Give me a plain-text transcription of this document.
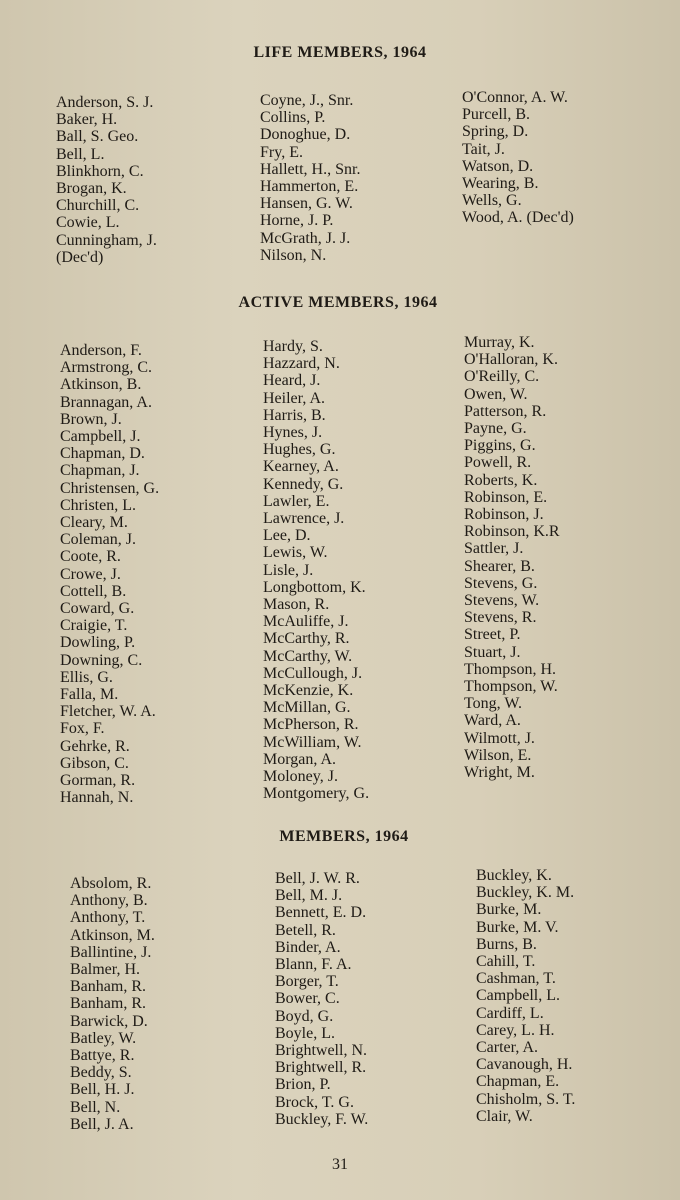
LIFE MEMBERS, 1964
Anderson, S. J.
Baker, H.
Ball, S. Geo.
Bell, L.
Blinkhorn, C.
Brogan, K.
Churchill, C.
Cowie, L.
Cunningham, J.
(Dec'd)
Coyne, J., Snr.
Collins, P.
Donoghue, D.
Fry, E.
Hallett, H., Snr.
Hammerton, E.
Hansen, G. W.
Horne, J. P.
McGrath, J. J.
Nilson, N.
O'Connor, A. W.
Purcell, B.
Spring, D.
Tait, J.
Watson, D.
Wearing, B.
Wells, G.
Wood, A. (Dec'd)
ACTIVE MEMBERS, 1964
Anderson, F.
Armstrong, C.
Atkinson, B.
Brannagan, A.
Brown, J.
Campbell, J.
Chapman, D.
Chapman, J.
Christensen, G.
Christen, L.
Cleary, M.
Coleman, J.
Coote, R.
Crowe, J.
Cottell, B.
Coward, G.
Craigie, T.
Dowling, P.
Downing, C.
Ellis, G.
Falla, M.
Fletcher, W. A.
Fox, F.
Gehrke, R.
Gibson, C.
Gorman, R.
Hannah, N.
Hardy, S.
Hazzard, N.
Heard, J.
Heiler, A.
Harris, B.
Hynes, J.
Hughes, G.
Kearney, A.
Kennedy, G.
Lawler, E.
Lawrence, J.
Lee, D.
Lewis, W.
Lisle, J.
Longbottom, K.
Mason, R.
McAuliffe, J.
McCarthy, R.
McCarthy, W.
McCullough, J.
McKenzie, K.
McMillan, G.
McPherson, R.
McWilliam, W.
Morgan, A.
Moloney, J.
Montgomery, G.
Murray, K.
O'Halloran, K.
O'Reilly, C.
Owen, W.
Patterson, R.
Payne, G.
Piggins, G.
Powell, R.
Roberts, K.
Robinson, E.
Robinson, J.
Robinson, K.R
Sattler, J.
Shearer, B.
Stevens, G.
Stevens, W.
Stevens, R.
Street, P.
Stuart, J.
Thompson, H.
Thompson, W.
Tong, W.
Ward, A.
Wilmott, J.
Wilson, E.
Wright, M.
MEMBERS, 1964
Absolom, R.
Anthony, B.
Anthony, T.
Atkinson, M.
Ballintine, J.
Balmer, H.
Banham, R.
Banham, R.
Barwick, D.
Batley, W.
Battye, R.
Beddy, S.
Bell, H. J.
Bell, N.
Bell, J. A.
Bell, J. W. R.
Bell, M. J.
Bennett, E. D.
Betell, R.
Binder, A.
Blann, F. A.
Borger, T.
Bower, C.
Boyd, G.
Boyle, L.
Brightwell, N.
Brightwell, R.
Brion, P.
Brock, T. G.
Buckley, F. W.
Buckley, K.
Buckley, K. M.
Burke, M.
Burke, M. V.
Burns, B.
Cahill, T.
Cashman, T.
Campbell, L.
Cardiff, L.
Carey, L. H.
Carter, A.
Cavanough, H.
Chapman, E.
Chisholm, S. T.
Clair, W.
31
